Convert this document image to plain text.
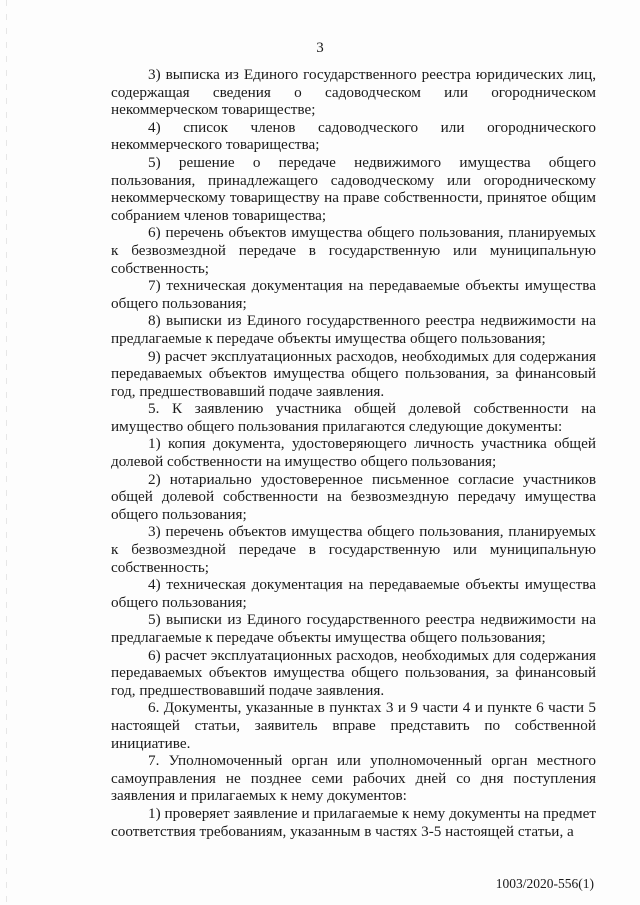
3

3) выписка из Единого государственного реестра юридических лиц, содержащая сведения о садоводческом или огородническом некоммерческом товариществе;

4) список членов садоводческого или огороднического некоммерческого товарищества;

5) решение о передаче недвижимого имущества общего пользования, принадлежащего садоводческому или огородническому некоммерческому товариществу на праве собственности, принятое общим собранием членов товарищества;

6) перечень объектов имущества общего пользования, планируемых к безвозмездной передаче в государственную или муниципальную собственность;

7) техническая документация на передаваемые объекты имущества общего пользования;

8) выписки из Единого государственного реестра недвижимости на предлагаемые к передаче объекты имущества общего пользования;

9) расчет эксплуатационных расходов, необходимых для содержания передаваемых объектов имущества общего пользования, за финансовый год, предшествовавший подаче заявления.

5. К заявлению участника общей долевой собственности на имущество общего пользования прилагаются следующие документы:

1) копия документа, удостоверяющего личность участника общей долевой собственности на имущество общего пользования;

2) нотариально удостоверенное письменное согласие участников общей долевой собственности на безвозмездную передачу имущества общего пользования;

3) перечень объектов имущества общего пользования, планируемых к безвозмездной передаче в государственную или муниципальную собственность;

4) техническая документация на передаваемые объекты имущества общего пользования;

5) выписки из Единого государственного реестра недвижимости на предлагаемые к передаче объекты имущества общего пользования;

6) расчет эксплуатационных расходов, необходимых для содержания передаваемых объектов имущества общего пользования, за финансовый год, предшествовавший подаче заявления.

6. Документы, указанные в пунктах 3 и 9 части 4 и пункте 6 части 5 настоящей статьи, заявитель вправе представить по собственной инициативе.

7. Уполномоченный орган или уполномоченный орган местного самоуправления не позднее семи рабочих дней со дня поступления заявления и прилагаемых к нему документов:

1) проверяет заявление и прилагаемые к нему документы на предмет соответствия требованиям, указанным в частях 3-5 настоящей статьи, а

1003/2020-556(1)
